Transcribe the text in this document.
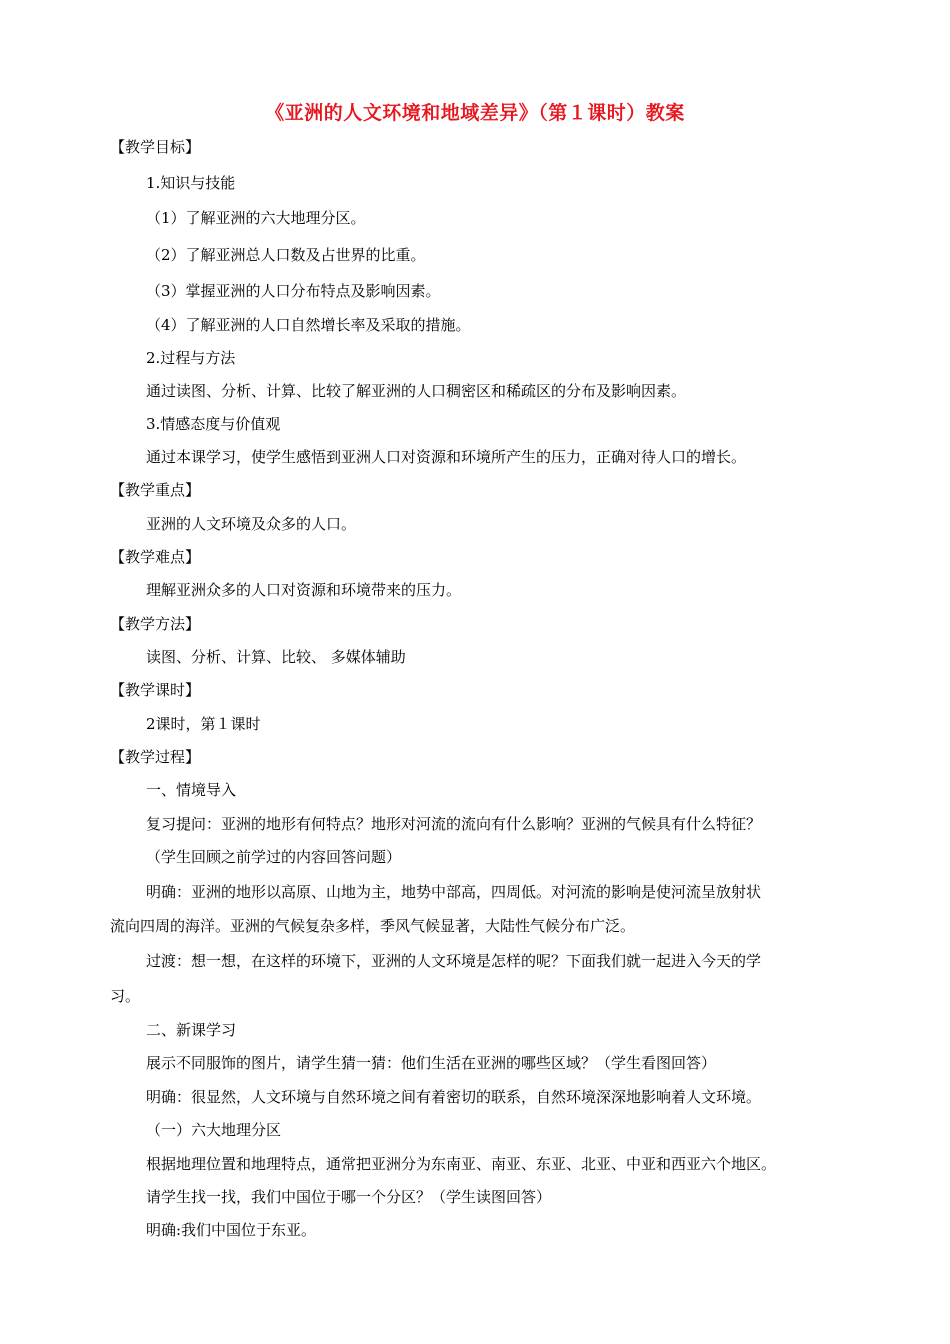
《亚洲的人文环境和地域差异》（第１课时）教案
【教学目标】
1.知识与技能
（1）了解亚洲的六大地理分区。
（2）了解亚洲总人口数及占世界的比重。
（3）掌握亚洲的人口分布特点及影响因素。
（4）了解亚洲的人口自然增长率及采取的措施。
2.过程与方法
通过读图、分析、计算、比较了解亚洲的人口稠密区和稀疏区的分布及影响因素。
3.情感态度与价值观
通过本课学习，使学生感悟到亚洲人口对资源和环境所产生的压力，正确对待人口的增长。
【教学重点】
亚洲的人文环境及众多的人口。
【教学难点】
理解亚洲众多的人口对资源和环境带来的压力。
【教学方法】
读图、分析、计算、比较、 多媒体辅助
【教学课时】
2课时，第１课时
【教学过程】
一、情境导入
复习提问：亚洲的地形有何特点？地形对河流的流向有什么影响？亚洲的气候具有什么特征？
（学生回顾之前学过的内容回答问题）
明确：亚洲的地形以高原、山地为主，地势中部高，四周低。对河流的影响是使河流呈放射状
流向四周的海洋。亚洲的气候复杂多样，季风气候显著，大陆性气候分布广泛。
过渡：想一想，在这样的环境下，亚洲的人文环境是怎样的呢？下面我们就一起进入今天的学
习。
二、新课学习
展示不同服饰的图片，请学生猜一猜：他们生活在亚洲的哪些区域？（学生看图回答）
明确：很显然，人文环境与自然环境之间有着密切的联系，自然环境深深地影响着人文环境。
（一）六大地理分区
根据地理位置和地理特点，通常把亚洲分为东南亚、南亚、东亚、北亚、中亚和西亚六个地区。
请学生找一找，我们中国位于哪一个分区？（学生读图回答）
明确:我们中国位于东亚。
